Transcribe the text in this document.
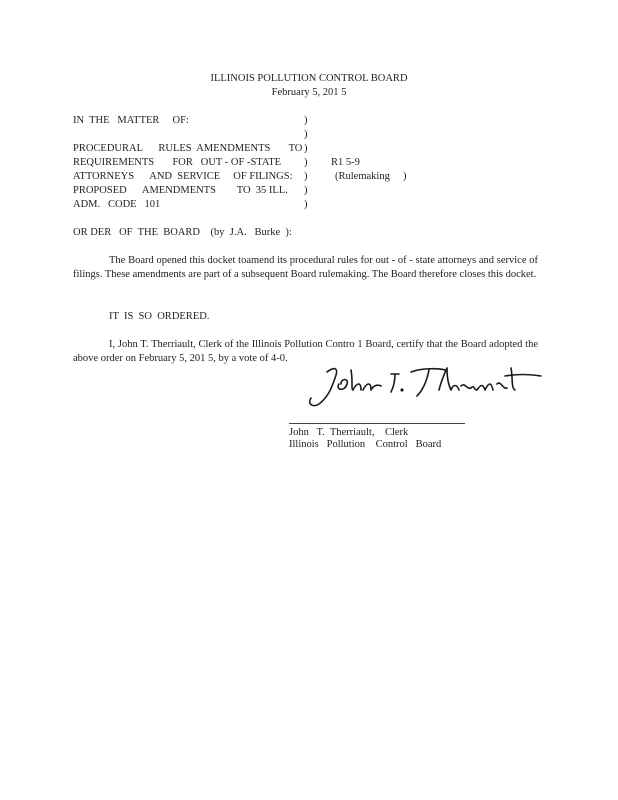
ILLINOIS POLLUTION CONTROL BOARD
February 5, 201 5
IN  THE   MATTER     OF:
PROCEDURAL      RULES  AMENDMENTS       TO
REQUIREMENTS       FOR   OUT - OF -STATE
ATTORNEYS      AND  SERVICE     OF FILINGS:
PROPOSED      AMENDMENTS        TO  35 ILL.
ADM.   CODE   101
)
)
)
)
)
)
)
R1 5-9
(Rulemaking     )
OR DER   OF  THE  BOARD    (by  J.A.   Burke  ):
The Board opened this docket toamend its procedural rules for out - of - state attorneys and service of filings. These amendments are part of a subsequent Board rulemaking. The Board therefore closes this docket.
IT  IS  SO  ORDERED.
I, John T. Therriault, Clerk of the Illinois Pollution Contro 1 Board, certify that the Board adopted the above order on February 5, 201 5, by a vote of 4-0.
John   T.  Therriault,    Clerk
Illinois   Pollution    Control   Board
